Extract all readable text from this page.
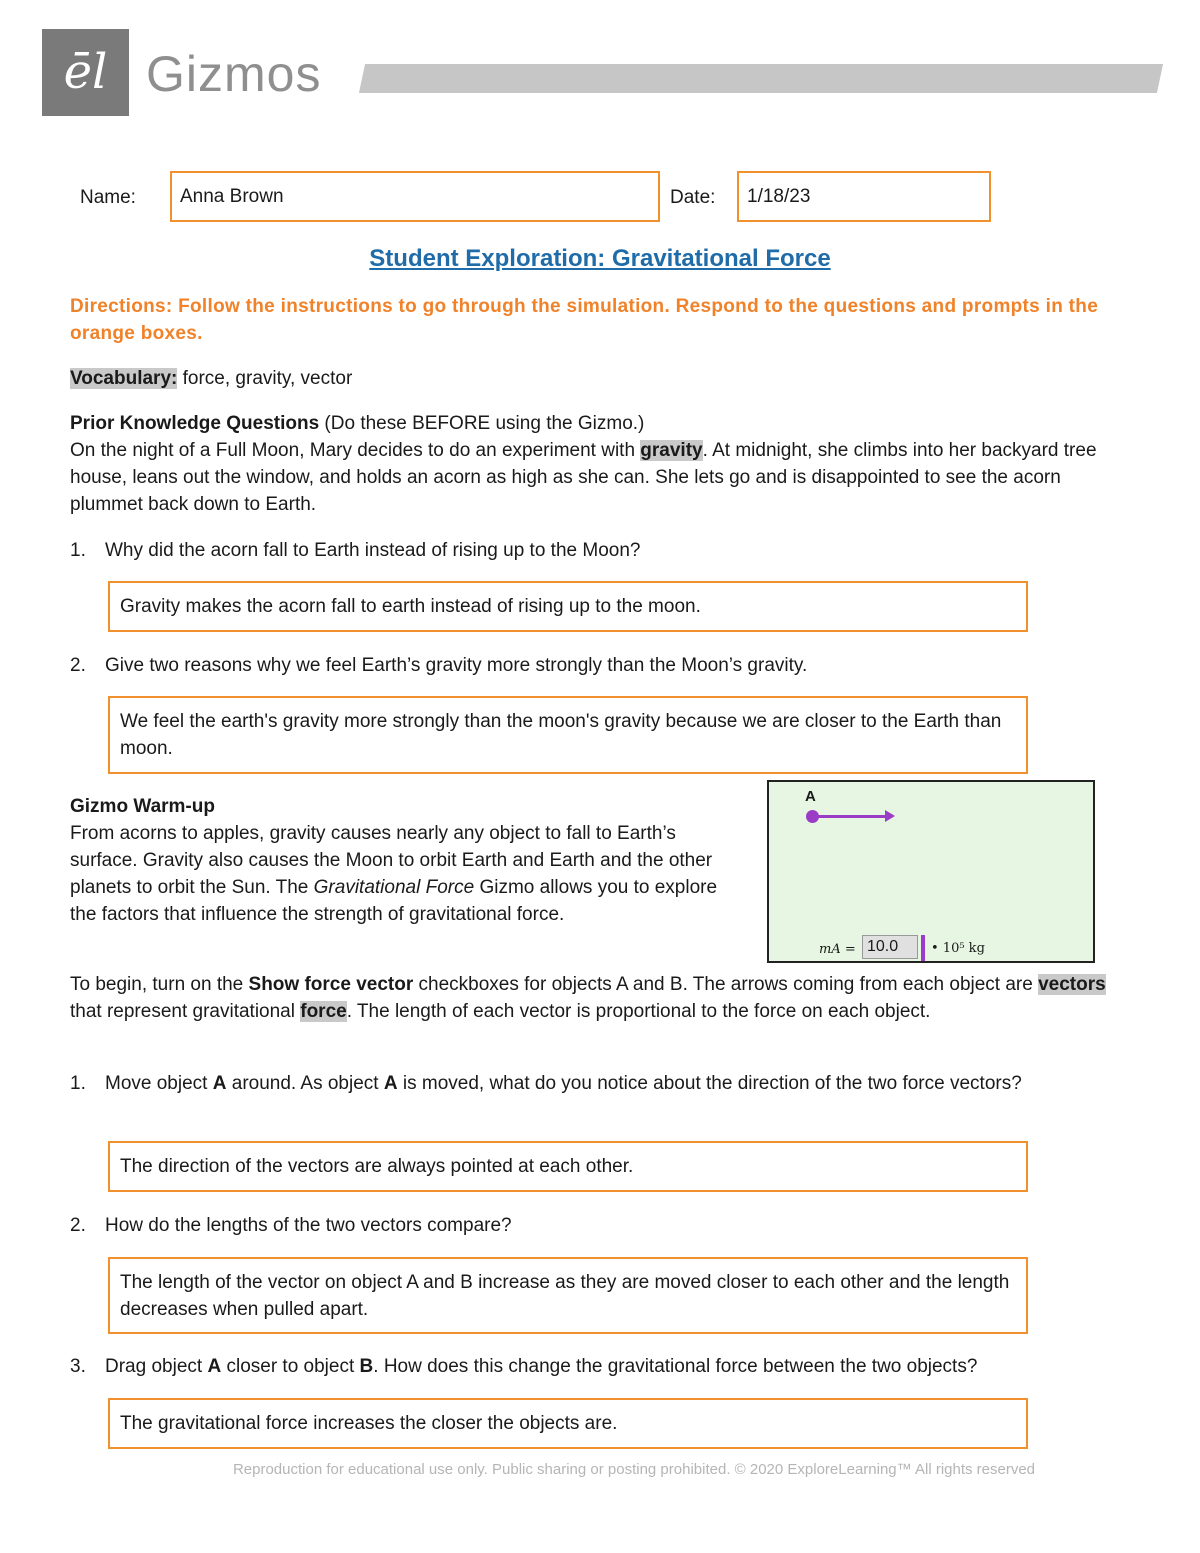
ēl Gizmos
Name:	Anna Brown	Date:	1/18/23
Student Exploration: Gravitational Force
Directions: Follow the instructions to go through the simulation. Respond to the questions and prompts in the orange boxes.
Vocabulary: force, gravity, vector
Prior Knowledge Questions (Do these BEFORE using the Gizmo.)
On the night of a Full Moon, Mary decides to do an experiment with gravity. At midnight, she climbs into her backyard tree house, leans out the window, and holds an acorn as high as she can. She lets go and is disappointed to see the acorn plummet back down to Earth.
1. Why did the acorn fall to Earth instead of rising up to the Moon?
Gravity makes the acorn fall to earth instead of rising up to the moon.
2. Give two reasons why we feel Earth’s gravity more strongly than the Moon’s gravity.
We feel the earth's gravity more strongly than the moon's gravity because we are closer to the Earth than moon.
Gizmo Warm-up
From acorns to apples, gravity causes nearly any object to fall to Earth’s surface. Gravity also causes the Moon to orbit Earth and Earth and the other planets to orbit the Sun. The Gravitational Force Gizmo allows you to explore the factors that influence the strength of gravitational force.
A
mA = 10.0	• 10⁵ kg
To begin, turn on the Show force vector checkboxes for objects A and B. The arrows coming from each object are vectors that represent gravitational force. The length of each vector is proportional to the force on each object.
1.	Move object A around. As object A is moved, what do you notice about the direction of the two force vectors?
The direction of the vectors are always pointed at each other.
2. How do the lengths of the two vectors compare?
The length of the vector on object A and B increase as they are moved closer to each other and the length decreases when pulled apart.
3. Drag object A closer to object B. How does this change the gravitational force between the two objects?
The gravitational force increases the closer the objects are.
Reproduction for educational use only. Public sharing or posting prohibited. © 2020 ExploreLearning™ All rights reserved
